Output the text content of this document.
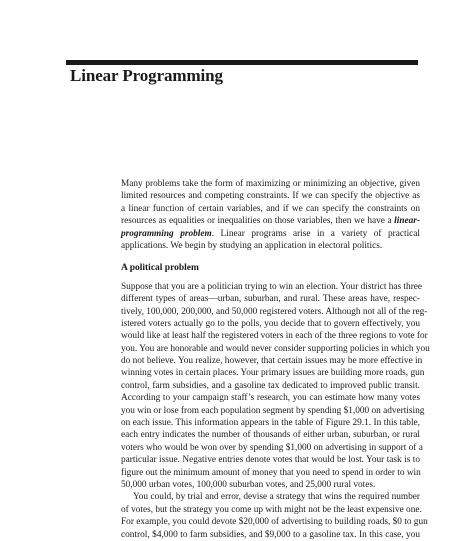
Linear Programming
Many problems take the form of maximizing or minimizing an objective, given
limited resources and competing constraints. If we can specify the objective as
a linear function of certain variables, and if we can specify the constraints on
resources as equalities or inequalities on those variables, then we have a linear-
programming problem. Linear programs arise in a variety of practical
applications. We begin by studying an application in electoral politics.
A political problem
Suppose that you are a politician trying to win an election. Your district has three
different types of areas—urban, suburban, and rural. These areas have, respec-
tively, 100,000, 200,000, and 50,000 registered voters. Although not all of the reg-
istered voters actually go to the polls, you decide that to govern effectively, you
would like at least half the registered voters in each of the three regions to vote for
you. You are honorable and would never consider supporting policies in which you
do not believe. You realize, however, that certain issues may be more effective in
winning votes in certain places. Your primary issues are building more roads, gun
control, farm subsidies, and a gasoline tax dedicated to improved public transit.
According to your campaign staff’s research, you can estimate how many votes
you win or lose from each population segment by spending $1,000 on advertising
on each issue. This information appears in the table of Figure 29.1. In this table,
each entry indicates the number of thousands of either urban, suburban, or rural
voters who would be won over by spending $1,000 on advertising in support of a
particular issue. Negative entries denote votes that would be lost. Your task is to
figure out the minimum amount of money that you need to spend in order to win
50,000 urban votes, 100,000 suburban votes, and 25,000 rural votes.
You could, by trial and error, devise a strategy that wins the required number
of votes, but the strategy you come up with might not be the least expensive one.
For example, you could devote $20,000 of advertising to building roads, $0 to gun
control, $4,000 to farm subsidies, and $9,000 to a gasoline tax. In this case, you
